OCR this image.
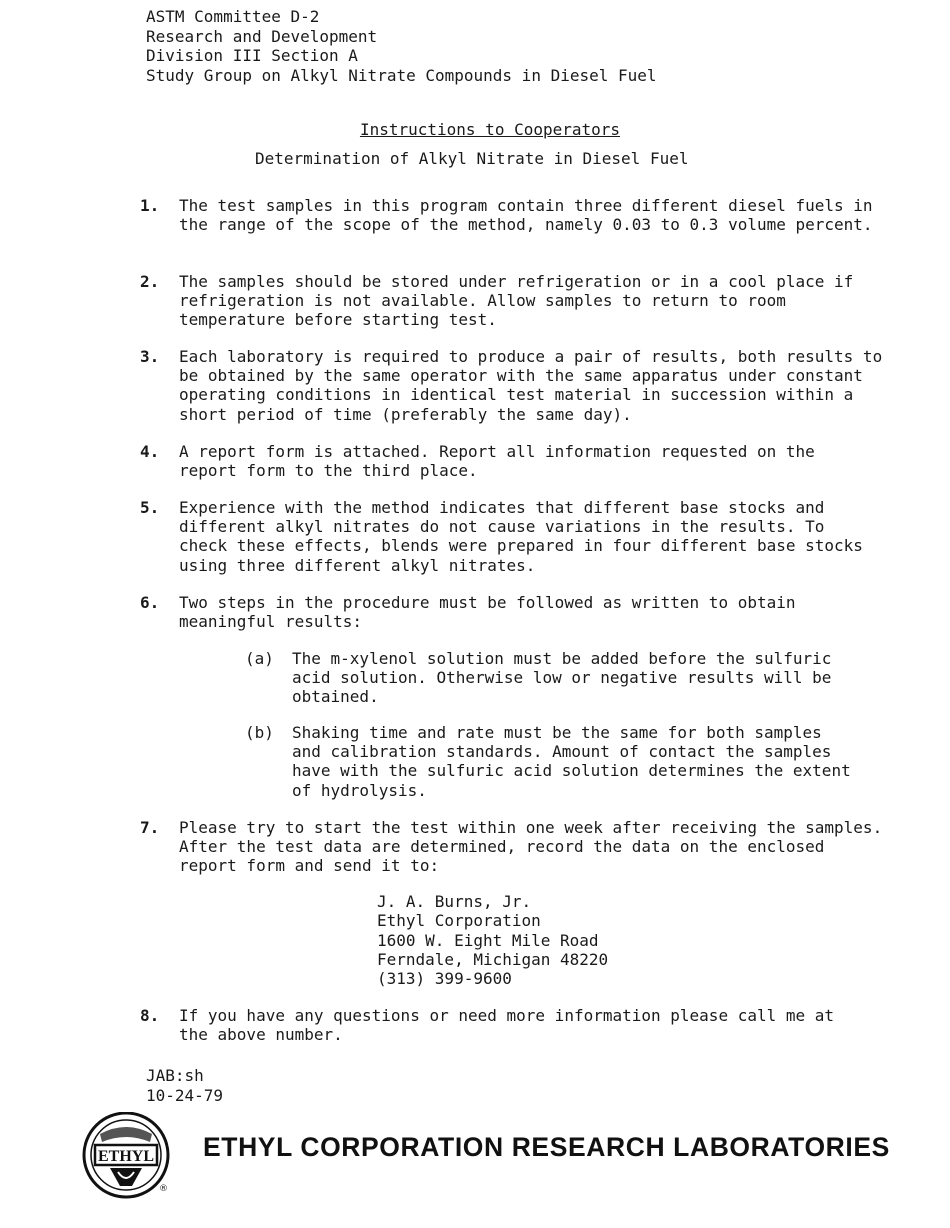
ASTM Committee D-2
Research and Development
Division III Section A
Study Group on Alkyl Nitrate Compounds in Diesel Fuel
Instructions to Cooperators
Determination of Alkyl Nitrate in Diesel Fuel
1. The test samples in this program contain three different diesel fuels in the range of the scope of the method, namely 0.03 to 0.3 volume percent.
2. The samples should be stored under refrigeration or in a cool place if refrigeration is not available. Allow samples to return to room temperature before starting test.
3. Each laboratory is required to produce a pair of results, both results to be obtained by the same operator with the same apparatus under constant operating conditions in identical test material in succession within a short period of time (preferably the same day).
4. A report form is attached. Report all information requested on the report form to the third place.
5. Experience with the method indicates that different base stocks and different alkyl nitrates do not cause variations in the results. To check these effects, blends were prepared in four different base stocks using three different alkyl nitrates.
6. Two steps in the procedure must be followed as written to obtain meaningful results:
(a) The m-xylenol solution must be added before the sulfuric acid solution. Otherwise low or negative results will be obtained.
(b) Shaking time and rate must be the same for both samples and calibration standards. Amount of contact the samples have with the sulfuric acid solution determines the extent of hydrolysis.
7. Please try to start the test within one week after receiving the samples. After the test data are determined, record the data on the enclosed report form and send it to:
J. A. Burns, Jr.
Ethyl Corporation
1600 W. Eight Mile Road
Ferndale, Michigan 48220
(313) 399-9600
8. If you have any questions or need more information please call me at the above number.
JAB:sh
10-24-79
ETHYL
®
ETHYL CORPORATION RESEARCH LABORATORIES
